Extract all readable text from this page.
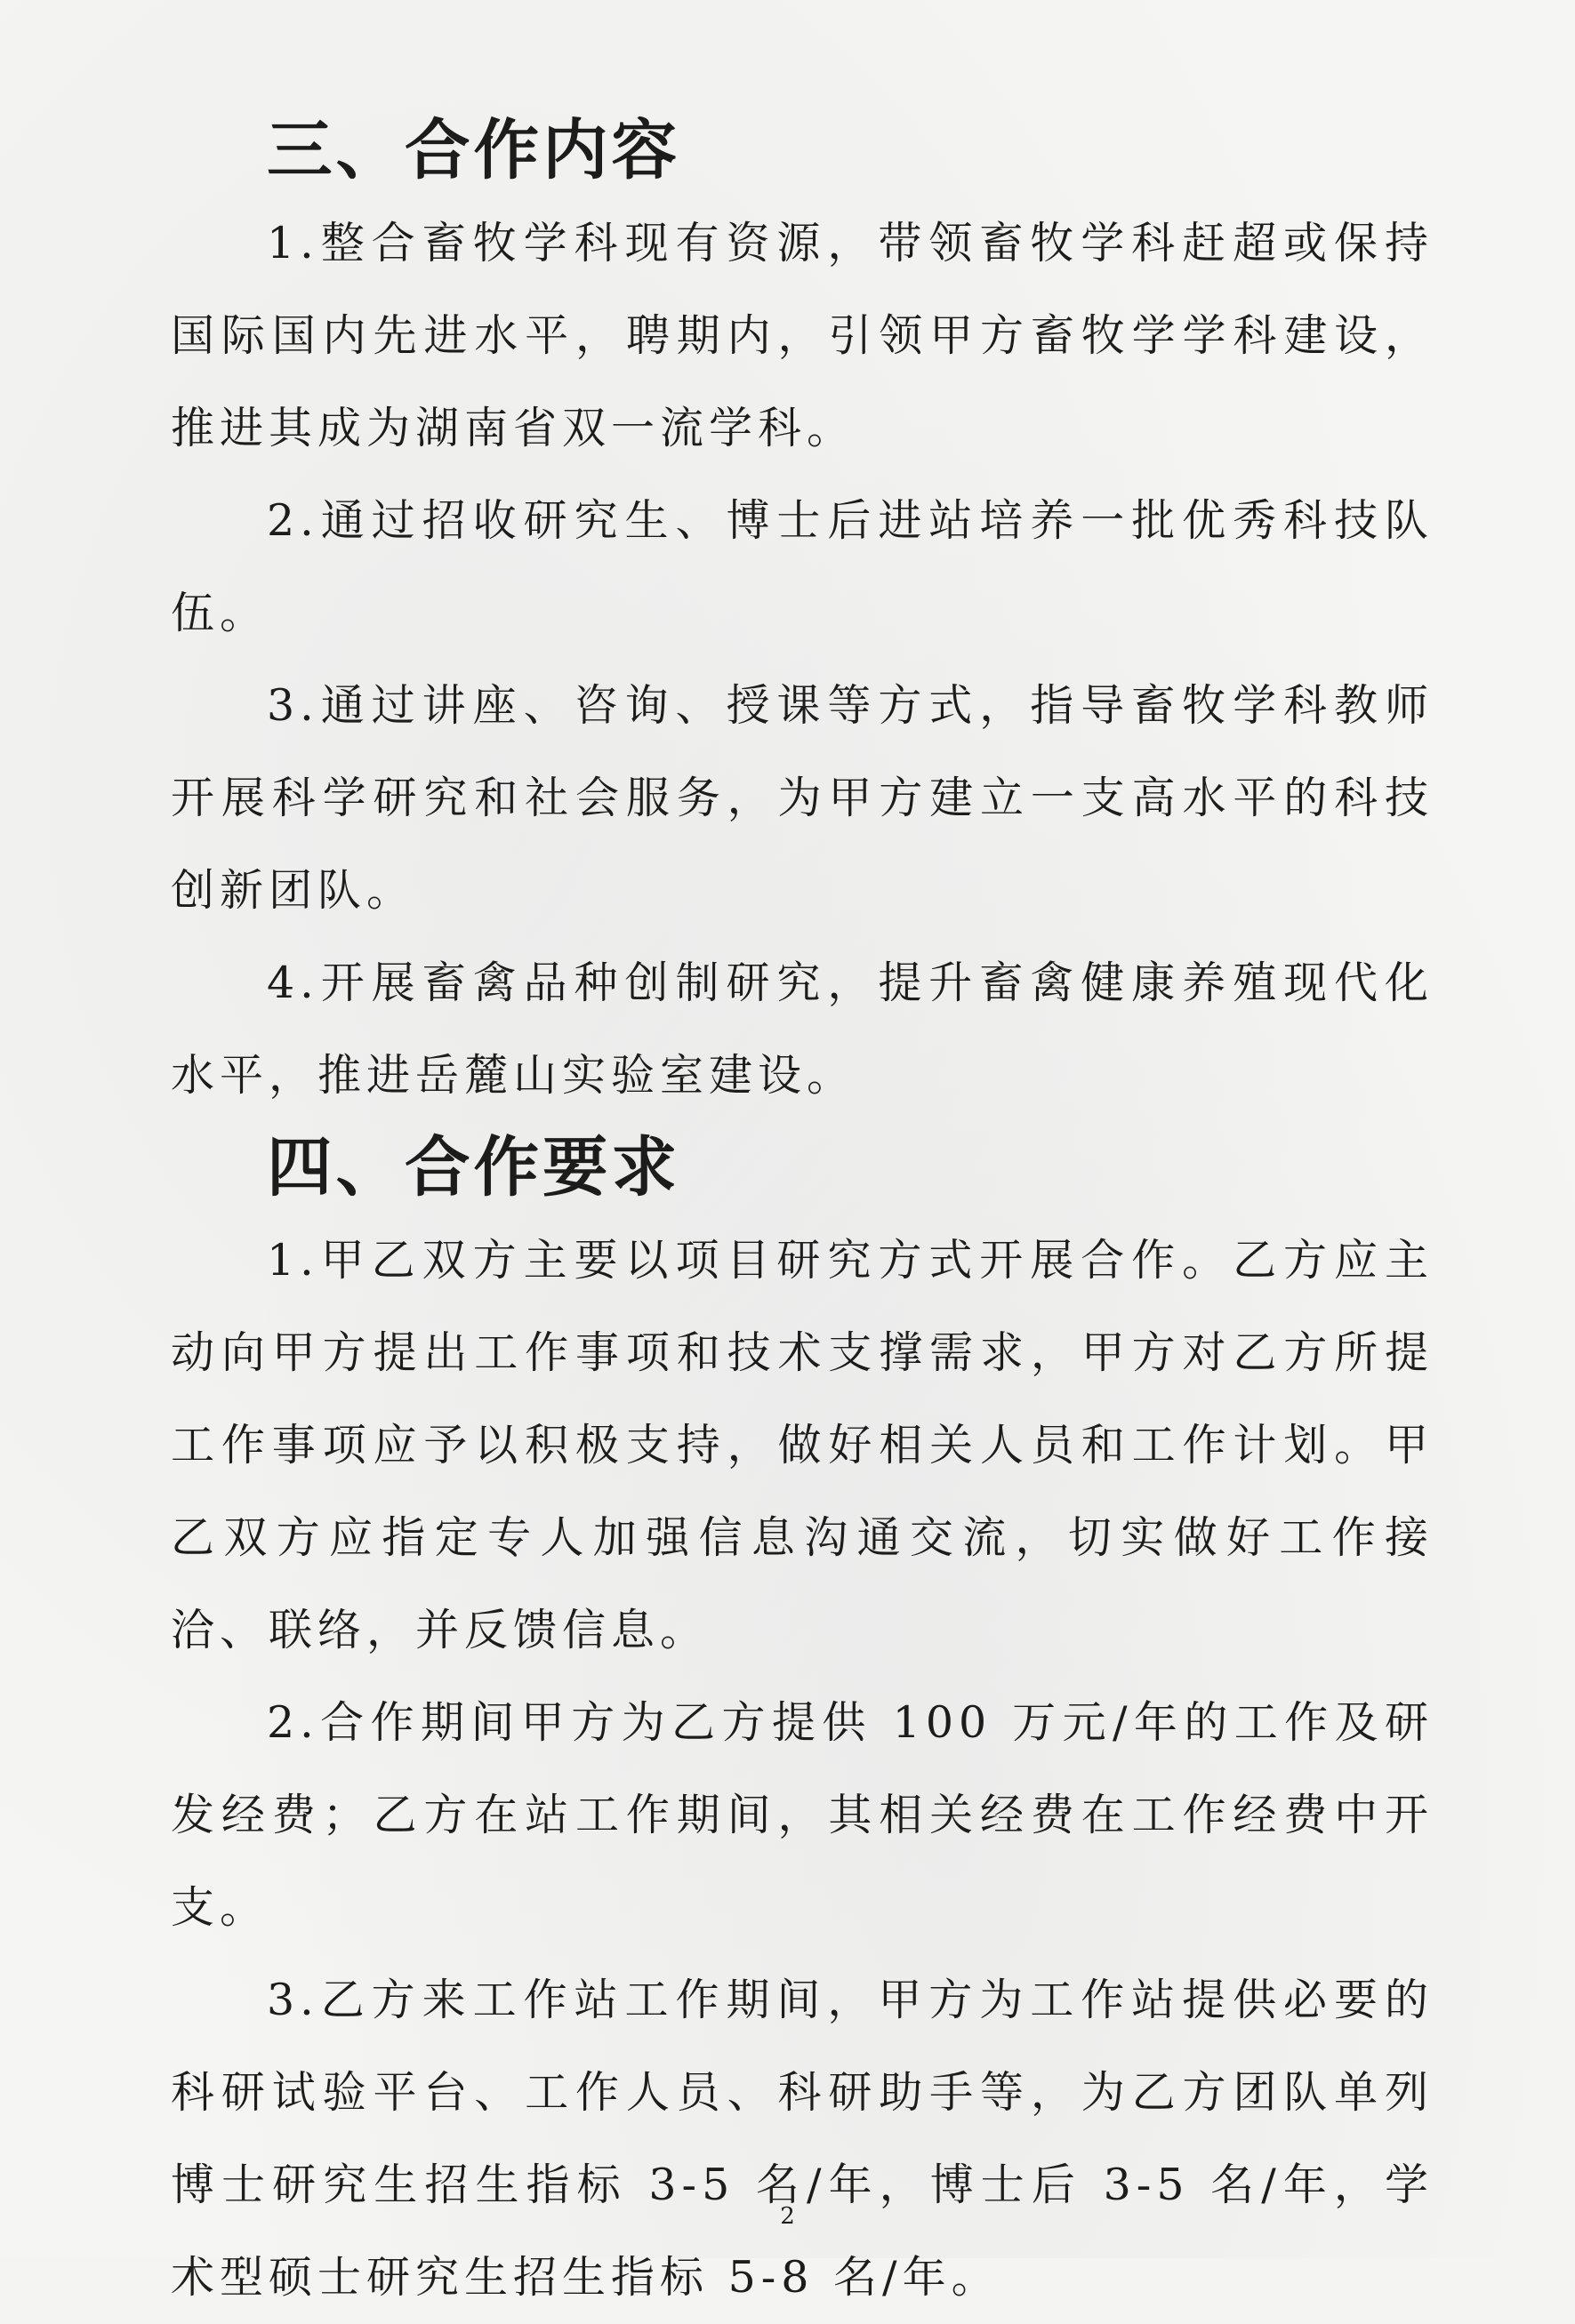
三、合作内容

1.整合畜牧学科现有资源，带领畜牧学科赶超或保持国际国内先进水平，聘期内，引领甲方畜牧学学科建设，推进其成为湖南省双一流学科。

2.通过招收研究生、博士后进站培养一批优秀科技队伍。

3.通过讲座、咨询、授课等方式，指导畜牧学科教师开展科学研究和社会服务，为甲方建立一支高水平的科技创新团队。

4.开展畜禽品种创制研究，提升畜禽健康养殖现代化水平，推进岳麓山实验室建设。

四、合作要求

1.甲乙双方主要以项目研究方式开展合作。乙方应主动向甲方提出工作事项和技术支撑需求，甲方对乙方所提工作事项应予以积极支持，做好相关人员和工作计划。甲乙双方应指定专人加强信息沟通交流，切实做好工作接洽、联络，并反馈信息。

2.合作期间甲方为乙方提供 100 万元/年的工作及研发经费；乙方在站工作期间，其相关经费在工作经费中开支。

3.乙方来工作站工作期间，甲方为工作站提供必要的科研试验平台、工作人员、科研助手等，为乙方团队单列博士研究生招生指标 3-5 名/年，博士后 3-5 名/年，学术型硕士研究生招生指标 5-8 名/年。

2
